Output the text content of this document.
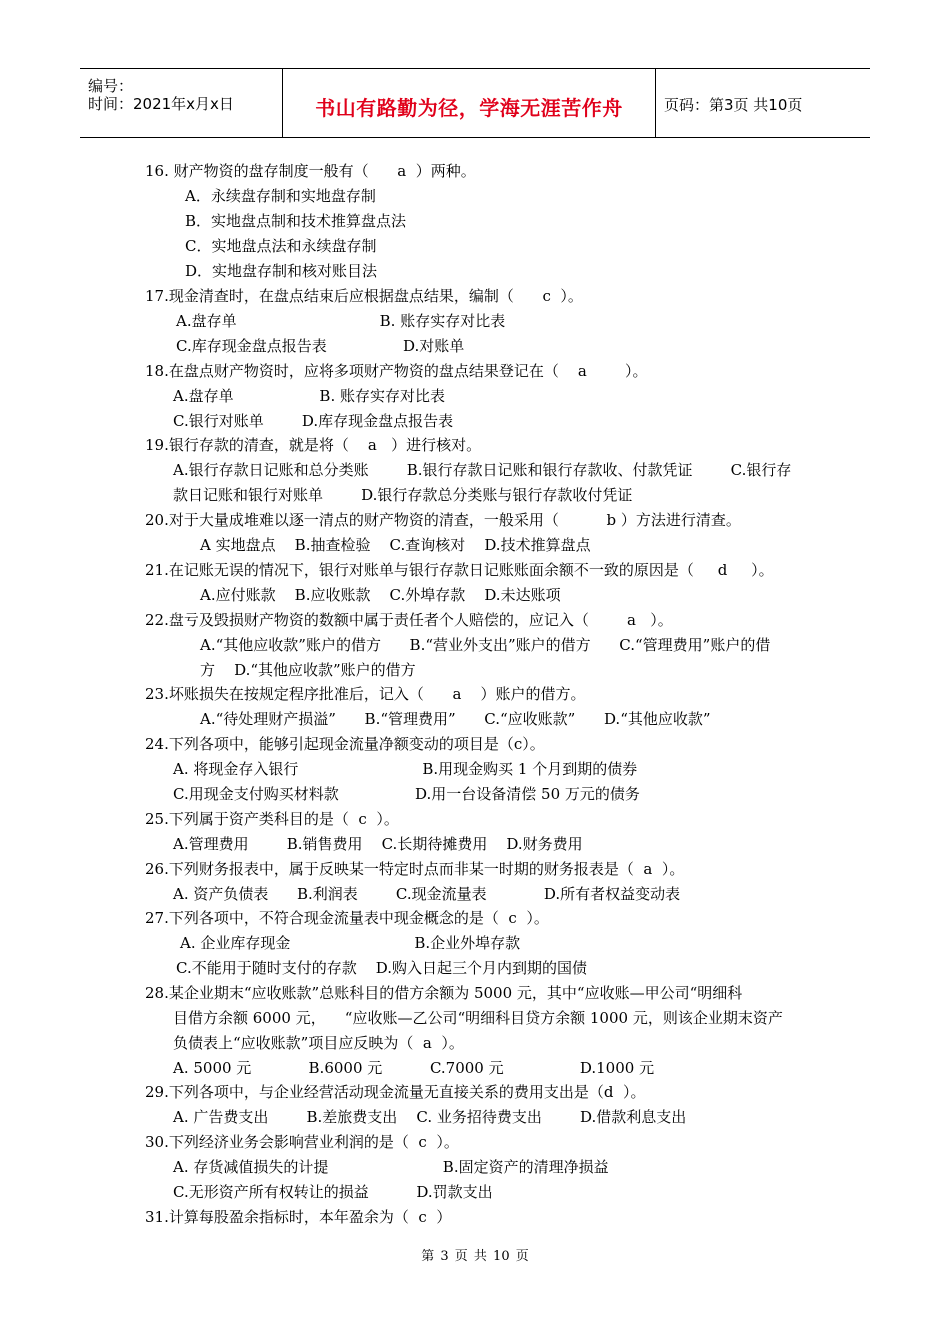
编号：
时间：2021年x月x日	书山有路勤为径，学海无涯苦作舟	页码：第3页 共10页
16. 财产物资的盘存制度一般有（      a  ）两种。
A．永续盘存制和实地盘存制
B．实地盘点制和技术推算盘点法
C．实地盘点法和永续盘存制
D．实地盘存制和核对账目法
17.现金清查时，在盘点结束后应根据盘点结果，编制（      c  ）。
A.盘存单                              B. 账存实存对比表
C.库存现金盘点报告表                D.对账单
18.在盘点财产物资时，应将多项财产物资的盘点结果登记在（    a        ）。
A.盘存单                  B. 账存实存对比表
C.银行对账单        D.库存现金盘点报告表
19.银行存款的清查，就是将（    a   ）进行核对。
A.银行存款日记账和总分类账        B.银行存款日记账和银行存款收、付款凭证        C.银行存
款日记账和银行对账单        D.银行存款总分类账与银行存款收付凭证
20.对于大量成堆难以逐一清点的财产物资的清查，一般采用（          b ）方法进行清查。
A 实地盘点    B.抽查检验    C.查询核对    D.技术推算盘点
21.在记账无误的情况下，银行对账单与银行存款日记账账面余额不一致的原因是（     d     ）。
A.应付账款    B.应收账款    C.外埠存款    D.未达账项
22.盘亏及毁损财产物资的数额中属于责任者个人赔偿的，应记入（        a   ）。
A.“其他应收款”账户的借方      B.“营业外支出”账户的借方      C.“管理费用”账户的借
方    D.“其他应收款”账户的借方
23.坏账损失在按规定程序批准后，记入（      a    ）账户的借方。
A.“待处理财产损溢”      B.“管理费用”      C.“应收账款”      D.“其他应收款”
24.下列各项中，能够引起现金流量净额变动的项目是（c）。
A. 将现金存入银行                          B.用现金购买 1 个月到期的债券
C.用现金支付购买材料款                D.用一台设备清偿 50 万元的债务
25.下列属于资产类科目的是（  c  ）。
A.管理费用        B.销售费用    C.长期待摊费用    D.财务费用
26.下列财务报表中，属于反映某一特定时点而非某一时期的财务报表是（  a  ）。
A. 资产负债表      B.利润表        C.现金流量表            D.所有者权益变动表
27.下列各项中，不符合现金流量表中现金概念的是（  c  ）。
A. 企业库存现金                          B.企业外埠存款
C.不能用于随时支付的存款    D.购入日起三个月内到期的国债
28.某企业期末“应收账款”总账科目的借方余额为 5000 元，其中“应收账—甲公司“明细科
目借方余额 6000 元，    “应收账—乙公司“明细科目贷方余额 1000 元，则该企业期末资产
负债表上“应收账款”项目应反映为（  a  ）。
A. 5000 元            B.6000 元          C.7000 元                D.1000 元
29.下列各项中，与企业经营活动现金流量无直接关系的费用支出是（d  ）。
A. 广告费支出        B.差旅费支出    C. 业务招待费支出        D.借款利息支出
30.下列经济业务会影响营业利润的是（  c  ）。
A. 存货减值损失的计提                        B.固定资产的清理净损益
C.无形资产所有权转让的损益          D.罚款支出
31.计算每股盈余指标时，本年盈余为（  c  ）
第 3 页 共 10 页
